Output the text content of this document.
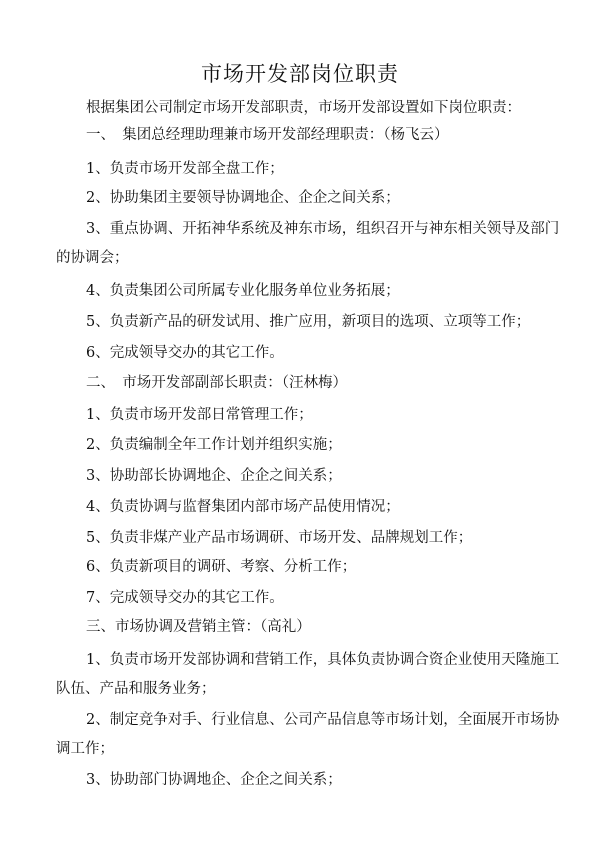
市场开发部岗位职责

根据集团公司制定市场开发部职责，市场开发部设置如下岗位职责：

一、　集团总经理助理兼市场开发部经理职责：（杨飞云）

1、负责市场开发部全盘工作；

2、协助集团主要领导协调地企、企企之间关系；

3、重点协调、开拓神华系统及神东市场，组织召开与神东相关领导及部门

的协调会；

4、负责集团公司所属专业化服务单位业务拓展；

5、负责新产品的研发试用、推广应用，新项目的选项、立项等工作；

6、完成领导交办的其它工作。

二、　市场开发部副部长职责：（汪林梅）

1、负责市场开发部日常管理工作；

2、负责编制全年工作计划并组织实施；

3、协助部长协调地企、企企之间关系；

4、负责协调与监督集团内部市场产品使用情况；

5、负责非煤产业产品市场调研、市场开发、品牌规划工作；

6、负责新项目的调研、考察、分析工作；

7、完成领导交办的其它工作。

三、市场协调及营销主管：（高礼）

1、负责市场开发部协调和营销工作，具体负责协调合资企业使用天隆施工

队伍、产品和服务业务；

2、制定竞争对手、行业信息、公司产品信息等市场计划，全面展开市场协

调工作；

3、协助部门协调地企、企企之间关系；
